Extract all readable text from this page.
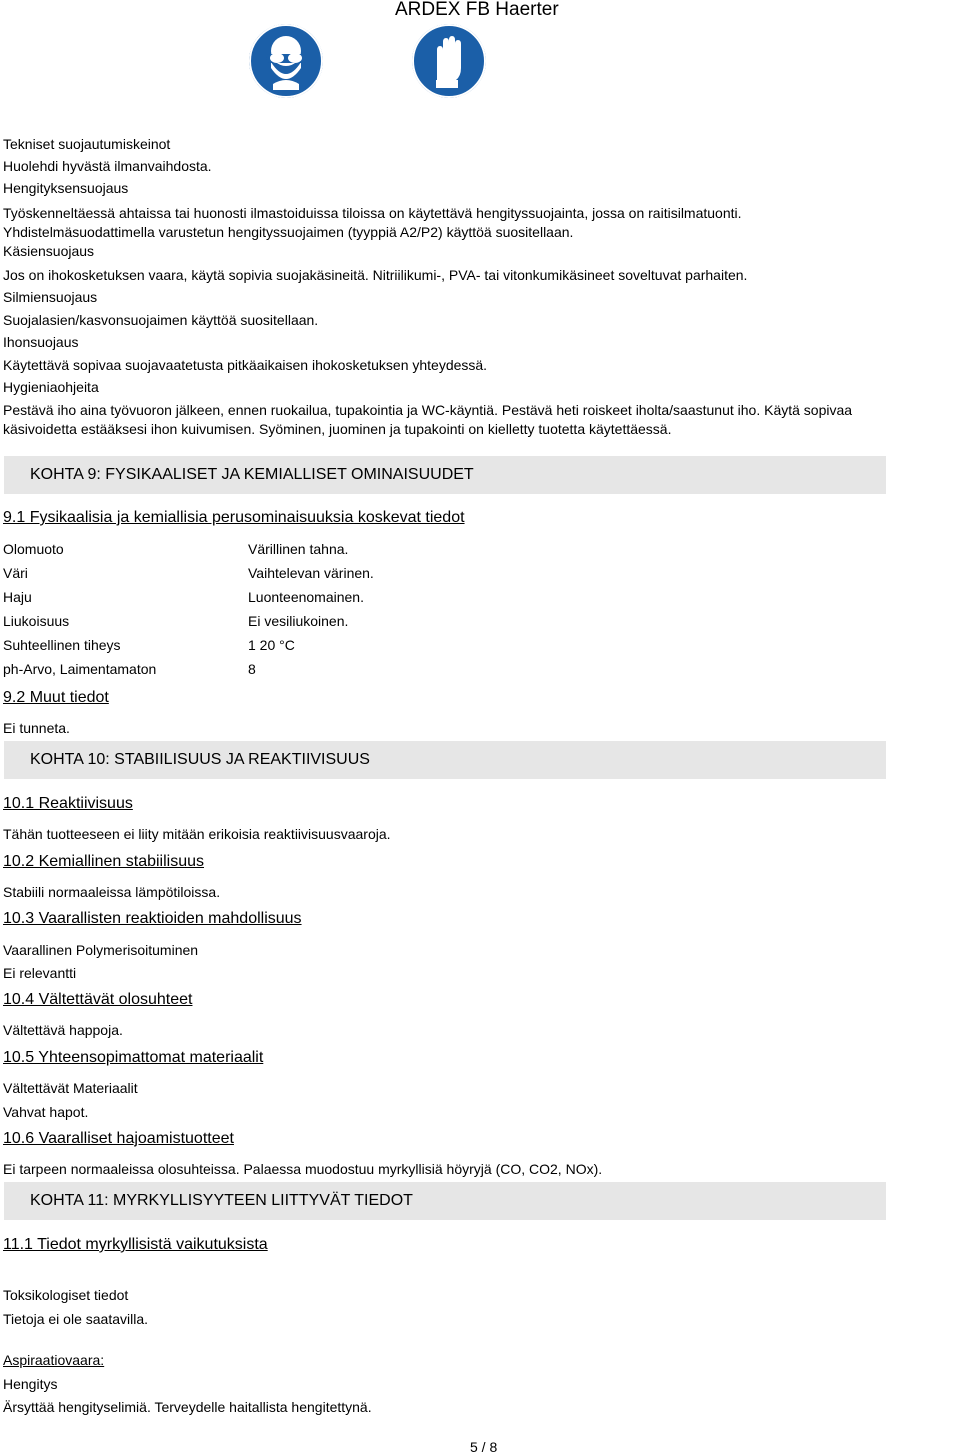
ARDEX FB Haerter
Tekniset suojautumiskeinot
Huolehdi hyvästä ilmanvaihdosta.
Hengityksensuojaus
Työskenneltäessä ahtaissa tai huonosti ilmastoiduissa tiloissa on käytettävä hengityssuojainta, jossa on raitisilmatuonti.
Yhdistelmäsuodattimella varustetun hengityssuojaimen (tyyppiä A2/P2) käyttöä suositellaan.
Käsiensuojaus
Jos on ihokosketuksen vaara, käytä sopivia suojakäsineitä. Nitriilikumi-, PVA- tai vitonkumikäsineet soveltuvat parhaiten.
Silmiensuojaus
Suojalasien/kasvonsuojaimen käyttöä suositellaan.
Ihonsuojaus
Käytettävä sopivaa suojavaatetusta pitkäaikaisen ihokosketuksen yhteydessä.
Hygieniaohjeita
Pestävä iho aina työvuoron jälkeen, ennen ruokailua, tupakointia ja WC-käyntiä. Pestävä heti roiskeet iholta/saastunut iho. Käytä sopivaa
käsivoidetta estääksesi ihon kuivumisen. Syöminen, juominen ja tupakointi on kielletty tuotetta käytettäessä.
KOHTA 9: FYSIKAALISET JA KEMIALLISET OMINAISUUDET
9.1 Fysikaalisia ja kemiallisia perusominaisuuksia koskevat tiedot
Olomuoto	Värillinen tahna.
Väri	Vaihtelevan värinen.
Haju	Luonteenomainen.
Liukoisuus	Ei vesiliukoinen.
Suhteellinen tiheys	1 20 °C
ph-Arvo, Laimentamaton	8
9.2 Muut tiedot
Ei tunneta.
KOHTA 10: STABIILISUUS JA REAKTIIVISUUS
10.1 Reaktiivisuus
Tähän tuotteeseen ei liity mitään erikoisia reaktiivisuusvaaroja.
10.2 Kemiallinen stabiilisuus
Stabiili normaaleissa lämpötiloissa.
10.3 Vaarallisten reaktioiden mahdollisuus
Vaarallinen Polymerisoituminen
Ei relevantti
10.4 Vältettävät olosuhteet
Vältettävä happoja.
10.5 Yhteensopimattomat materiaalit
Vältettävät Materiaalit
Vahvat hapot.
10.6 Vaaralliset hajoamistuotteet
Ei tarpeen normaaleissa olosuhteissa. Palaessa muodostuu myrkyllisiä höyryjä (CO, CO2, NOx).
KOHTA 11: MYRKYLLISYYTEEN LIITTYVÄT TIEDOT
11.1 Tiedot myrkyllisistä vaikutuksista
Toksikologiset tiedot
Tietoja ei ole saatavilla.
Aspiraatiovaara:
Hengitys
Ärsyttää hengityselimiä. Terveydelle haitallista hengitettynä.
5 / 8
